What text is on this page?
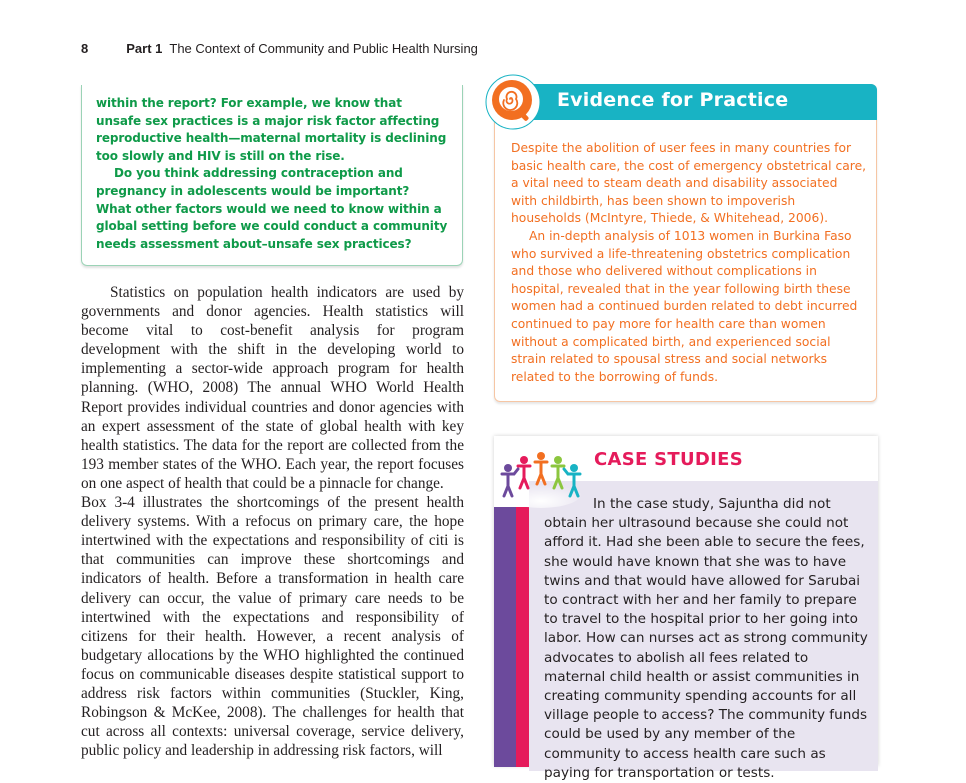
8	Part 1 The Context of Community and Public Health Nursing

within the report? For example, we know that unsafe sex practices is a major risk factor affecting reproductive health—maternal mortality is declining too slowly and HIV is still on the rise.

Do you think addressing contraception and pregnancy in adolescents would be important? What other factors would we need to know within a global setting before we could conduct a community needs assessment about–unsafe sex practices?

Statistics on population health indicators are used by governments and donor agencies. Health statistics will become vital to cost-benefit analysis for program development with the shift in the developing world to implementing a sector-wide approach program for health planning. (WHO, 2008) The annual WHO World Health Report provides individual countries and donor agencies with an expert assessment of the state of global health with key health statistics. The data for the report are collected from the 193 member states of the WHO. Each year, the report focuses on one aspect of health that could be a pinnacle for change.

Box 3-4 illustrates the shortcomings of the present health delivery systems. With a refocus on primary care, the hope intertwined with the expectations and responsibility of citi is that communities can improve these shortcomings and indicators of health. Before a transformation in health care delivery can occur, the value of primary care needs to be intertwined with the expectations and responsibility of citizens for their health. However, a recent analysis of budgetary allocations by the WHO highlighted the continued focus on communicable diseases despite statistical support to address risk factors within communities (Stuckler, King, Robingson & McKee, 2008). The challenges for health that cut across all contexts: universal coverage, service delivery, public policy and leadership in addressing risk factors, will

Evidence for Practice

Despite the abolition of user fees in many countries for basic health care, the cost of emergency obstetrical care, a vital need to steam death and disability associated with childbirth, has been shown to impoverish households (McIntyre, Thiede, & Whitehead, 2006).

An in-depth analysis of 1013 women in Burkina Faso who survived a life-threatening obstetrics complication and those who delivered without complications in hospital, revealed that in the year following birth these women had a continued burden related to debt incurred continued to pay more for health care than women without a complicated birth, and experienced social strain related to spousal stress and social networks related to the borrowing of funds.

CASE STUDIES

In the case study, Sajuntha did not obtain her ultrasound because she could not afford it. Had she been able to secure the fees, she would have known that she was to have twins and that would have allowed for Sarubai to contract with her and her family to prepare to travel to the hospital prior to her going into labor. How can nurses act as strong community advocates to abolish all fees related to maternal child health or assist communities in creating community spending accounts for all village people to access? The community funds could be used by any member of the community to access health care such as paying for transportation or tests.
